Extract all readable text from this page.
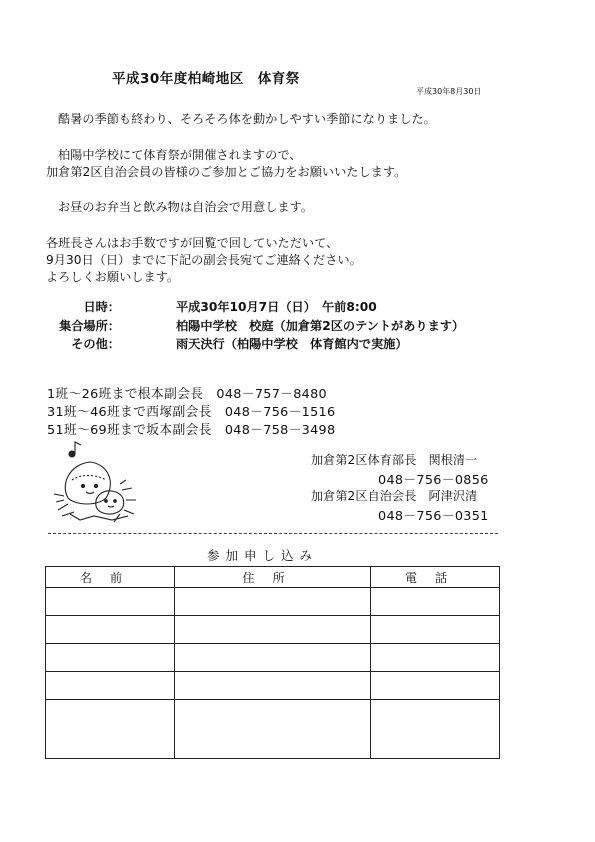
平成30年度柏崎地区　体育祭
平成30年8月30日
酷暑の季節も終わり、そろそろ体を動かしやすい季節になりました。
柏陽中学校にて体育祭が開催されますので、
加倉第2区自治会員の皆様のご参加とご協力をお願いいたします。
お昼のお弁当と飲み物は自治会で用意します。
各班長さんはお手数ですが回覧で回していただいて、
9月30日（日）までに下記の副会長宛てご連絡ください。
よろしくお願いします。
日時：	平成30年10月7日（日）　午前8:00
集合場所：	柏陽中学校　校庭（加倉第2区のテントがあります）
その他：	雨天決行（柏陽中学校　体育館内で実施）
1班～26班まで根本副会長　048－757－8480
31班～46班まで西塚副会長　048－756－1516
51班～69班まで坂本副会長　048－758－3498
加倉第2区体育部長　関根清一
048－756－0856
加倉第2区自治会長　阿津沢清
048－756－0351
参加申し込み
名前	住所	電話
